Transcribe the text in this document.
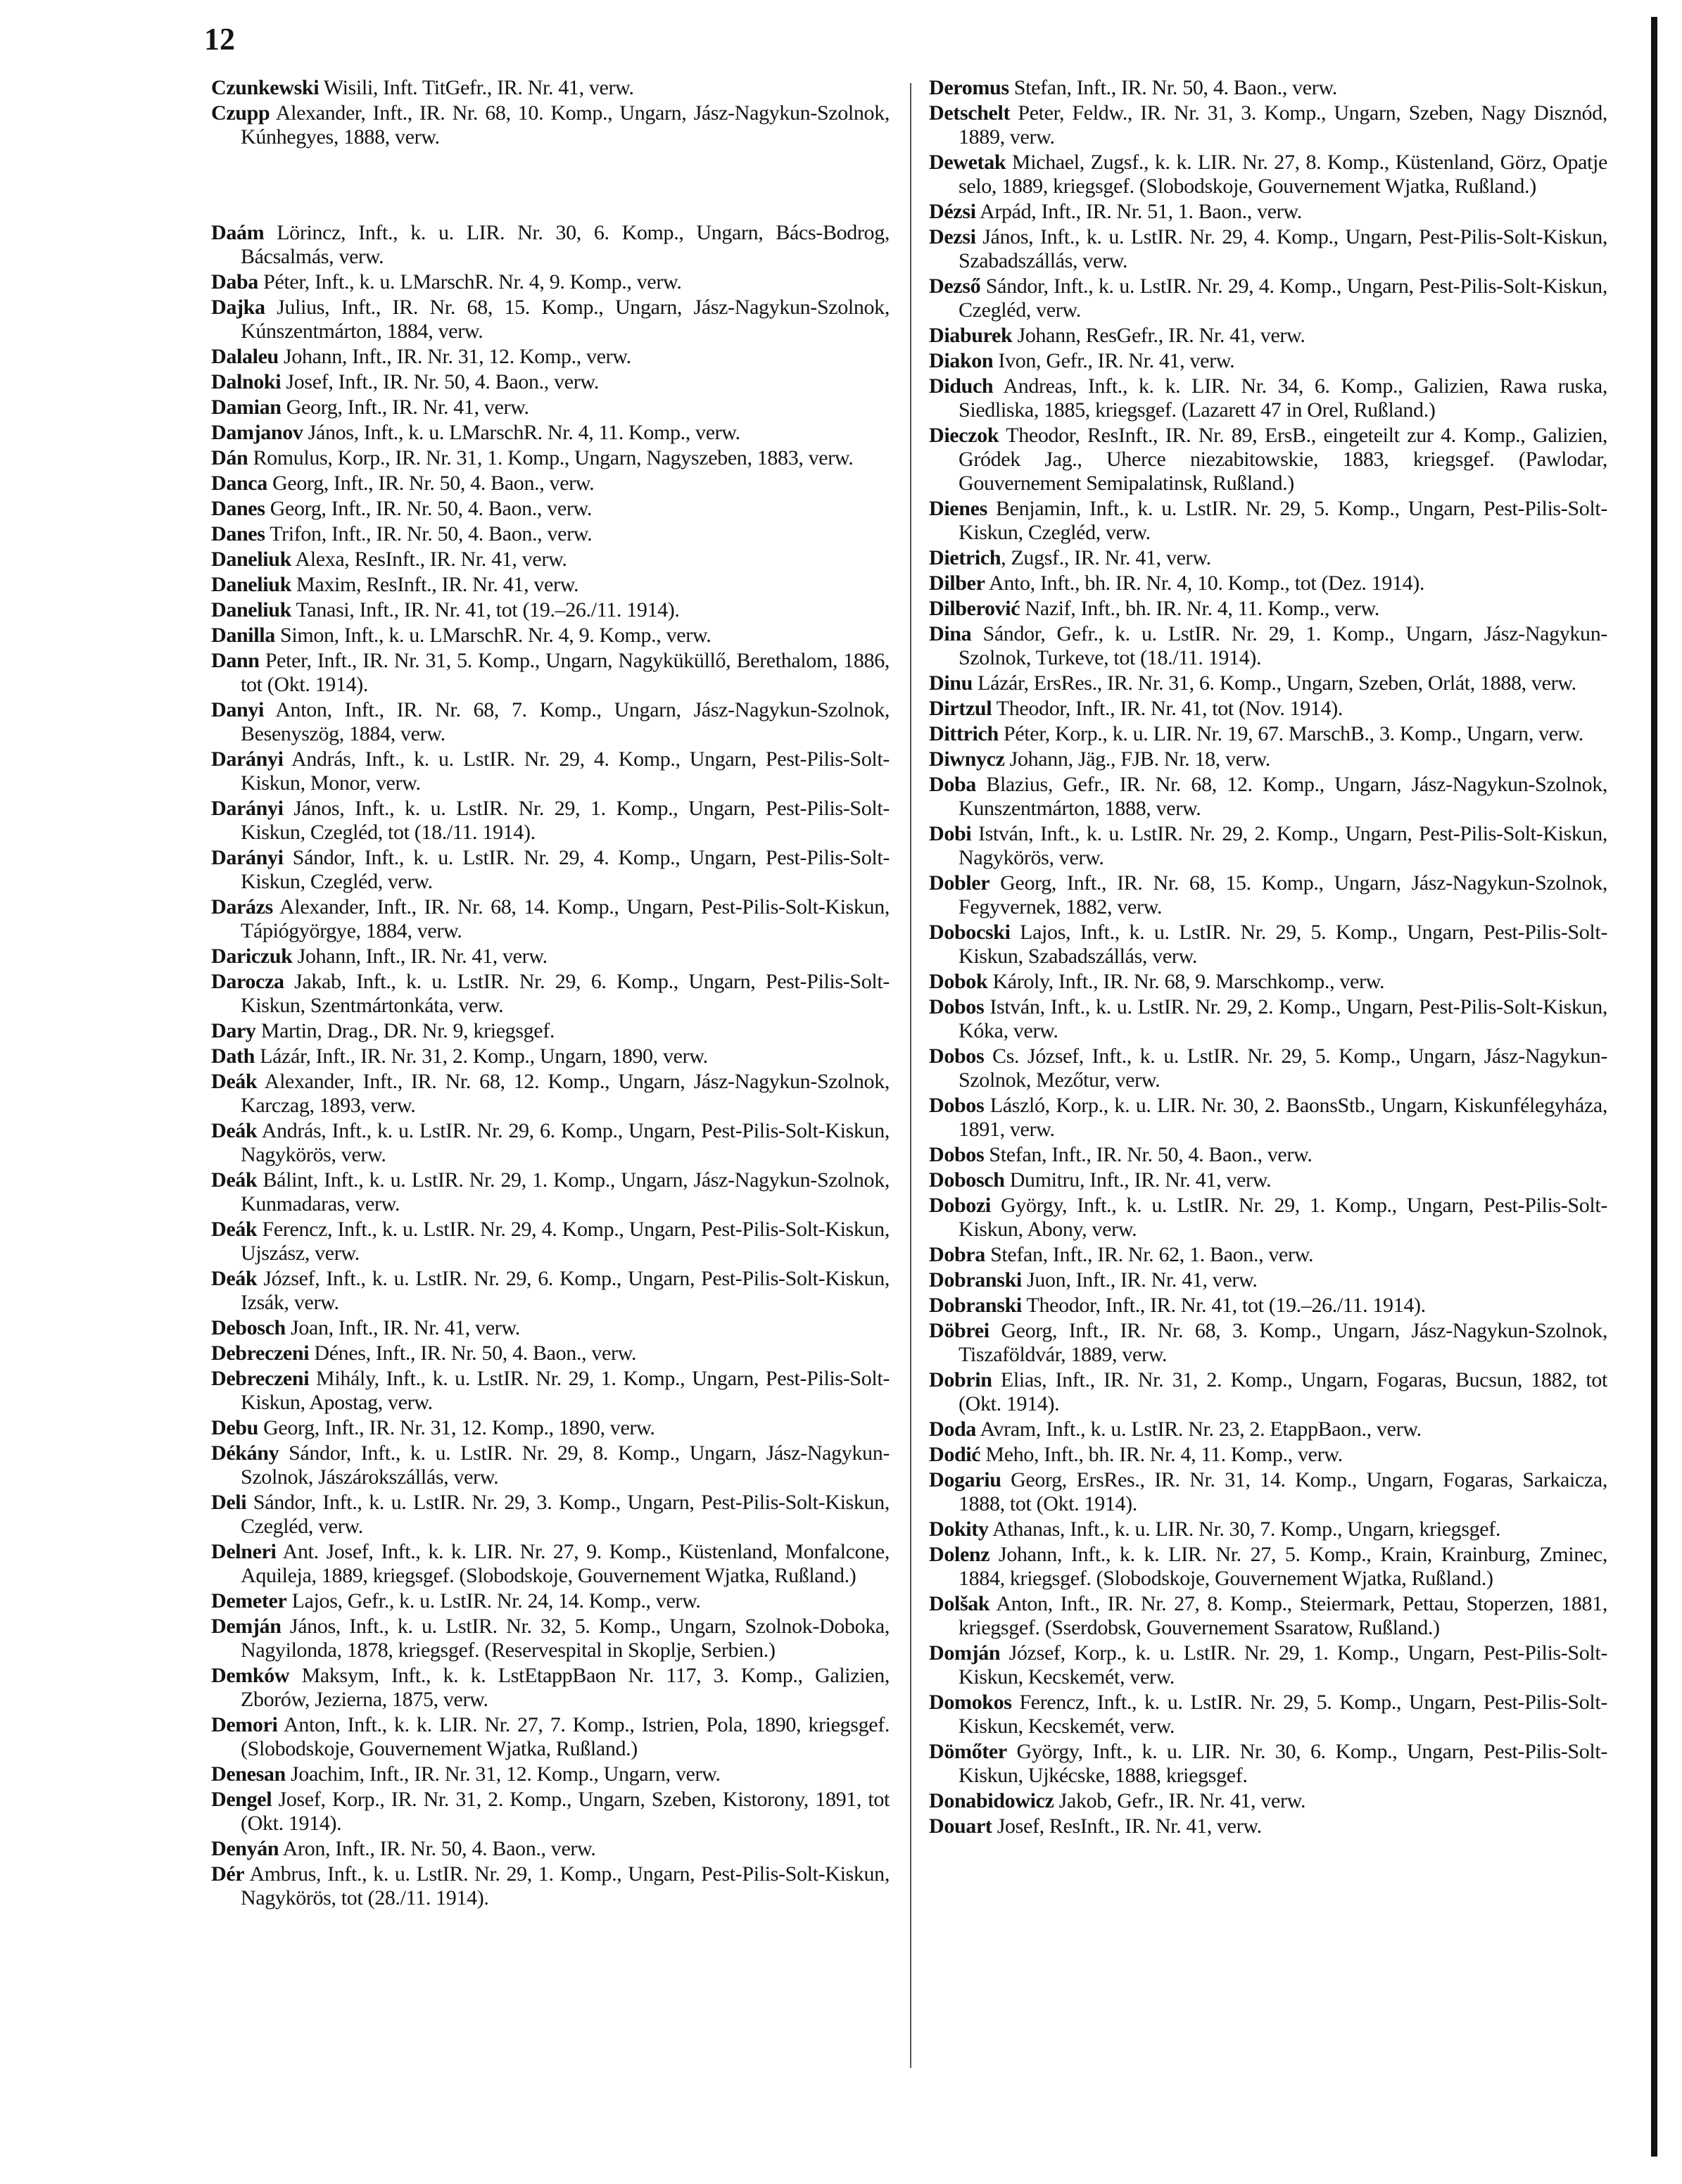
12

Czunkewski Wisili, Inft. TitGefr., IR. Nr. 41, verw.

Czupp Alexander, Inft., IR. Nr. 68, 10. Komp., Ungarn, Jász-Nagykun-Szolnok, Kúnhegyes, 1888, verw.

Daám Lörincz, Inft., k. u. LIR. Nr. 30, 6. Komp., Ungarn, Bács-Bodrog, Bácsalmás, verw.

Daba Péter, Inft., k. u. LMarschR. Nr. 4, 9. Komp., verw.

Dajka Julius, Inft., IR. Nr. 68, 15. Komp., Ungarn, Jász-Nagykun-Szolnok, Kúnszentmárton, 1884, verw.

Dalaleu Johann, Inft., IR. Nr. 31, 12. Komp., verw.

Dalnoki Josef, Inft., IR. Nr. 50, 4. Baon., verw.

Damian Georg, Inft., IR. Nr. 41, verw.

Damjanov János, Inft., k. u. LMarschR. Nr. 4, 11. Komp., verw.

Dán Romulus, Korp., IR. Nr. 31, 1. Komp., Ungarn, Nagyszeben, 1883, verw.

Danca Georg, Inft., IR. Nr. 50, 4. Baon., verw.

Danes Georg, Inft., IR. Nr. 50, 4. Baon., verw.

Danes Trifon, Inft., IR. Nr. 50, 4. Baon., verw.

Daneliuk Alexa, ResInft., IR. Nr. 41, verw.

Daneliuk Maxim, ResInft., IR. Nr. 41, verw.

Daneliuk Tanasi, Inft., IR. Nr. 41, tot (19.–26./11. 1914).

Danilla Simon, Inft., k. u. LMarschR. Nr. 4, 9. Komp., verw.

Dann Peter, Inft., IR. Nr. 31, 5. Komp., Ungarn, Nagyküküllő, Berethalom, 1886, tot (Okt. 1914).

Danyi Anton, Inft., IR. Nr. 68, 7. Komp., Ungarn, Jász-Nagykun-Szolnok, Besenyszög, 1884, verw.

Darányi András, Inft., k. u. LstIR. Nr. 29, 4. Komp., Ungarn, Pest-Pilis-Solt-Kiskun, Monor, verw.

Darányi János, Inft., k. u. LstIR. Nr. 29, 1. Komp., Ungarn, Pest-Pilis-Solt-Kiskun, Czegléd, tot (18./11. 1914).

Darányi Sándor, Inft., k. u. LstIR. Nr. 29, 4. Komp., Ungarn, Pest-Pilis-Solt-Kiskun, Czegléd, verw.

Darázs Alexander, Inft., IR. Nr. 68, 14. Komp., Ungarn, Pest-Pilis-Solt-Kiskun, Tápiógyörgye, 1884, verw.

Dariczuk Johann, Inft., IR. Nr. 41, verw.

Darocza Jakab, Inft., k. u. LstIR. Nr. 29, 6. Komp., Ungarn, Pest-Pilis-Solt-Kiskun, Szentmártonkáta, verw.

Dary Martin, Drag., DR. Nr. 9, kriegsgef.

Dath Lázár, Inft., IR. Nr. 31, 2. Komp., Ungarn, 1890, verw.

Deák Alexander, Inft., IR. Nr. 68, 12. Komp., Ungarn, Jász-Nagykun-Szolnok, Karczag, 1893, verw.

Deák András, Inft., k. u. LstIR. Nr. 29, 6. Komp., Ungarn, Pest-Pilis-Solt-Kiskun, Nagykörös, verw.

Deák Bálint, Inft., k. u. LstIR. Nr. 29, 1. Komp., Ungarn, Jász-Nagykun-Szolnok, Kunmadaras, verw.

Deák Ferencz, Inft., k. u. LstIR. Nr. 29, 4. Komp., Ungarn, Pest-Pilis-Solt-Kiskun, Ujszász, verw.

Deák József, Inft., k. u. LstIR. Nr. 29, 6. Komp., Ungarn, Pest-Pilis-Solt-Kiskun, Izsák, verw.

Debosch Joan, Inft., IR. Nr. 41, verw.

Debreczeni Dénes, Inft., IR. Nr. 50, 4. Baon., verw.

Debreczeni Mihály, Inft., k. u. LstIR. Nr. 29, 1. Komp., Ungarn, Pest-Pilis-Solt-Kiskun, Apostag, verw.

Debu Georg, Inft., IR. Nr. 31, 12. Komp., 1890, verw.

Dékány Sándor, Inft., k. u. LstIR. Nr. 29, 8. Komp., Ungarn, Jász-Nagykun-Szolnok, Jászárokszállás, verw.

Deli Sándor, Inft., k. u. LstIR. Nr. 29, 3. Komp., Ungarn, Pest-Pilis-Solt-Kiskun, Czegléd, verw.

Delneri Ant. Josef, Inft., k. k. LIR. Nr. 27, 9. Komp., Küstenland, Monfalcone, Aquileja, 1889, kriegsgef. (Slobodskoje, Gouvernement Wjatka, Rußland.)

Demeter Lajos, Gefr., k. u. LstIR. Nr. 24, 14. Komp., verw.

Demján János, Inft., k. u. LstIR. Nr. 32, 5. Komp., Ungarn, Szolnok-Doboka, Nagyilonda, 1878, kriegsgef. (Reservespital in Skoplje, Serbien.)

Demków Maksym, Inft., k. k. LstEtappBaon Nr. 117, 3. Komp., Galizien, Zborów, Jezierna, 1875, verw.

Demori Anton, Inft., k. k. LIR. Nr. 27, 7. Komp., Istrien, Pola, 1890, kriegsgef. (Slobodskoje, Gouvernement Wjatka, Rußland.)

Denesan Joachim, Inft., IR. Nr. 31, 12. Komp., Ungarn, verw.

Dengel Josef, Korp., IR. Nr. 31, 2. Komp., Ungarn, Szeben, Kistorony, 1891, tot (Okt. 1914).

Denyán Aron, Inft., IR. Nr. 50, 4. Baon., verw.

Dér Ambrus, Inft., k. u. LstIR. Nr. 29, 1. Komp., Ungarn, Pest-Pilis-Solt-Kiskun, Nagykörös, tot (28./11. 1914).

Deromus Stefan, Inft., IR. Nr. 50, 4. Baon., verw.

Detschelt Peter, Feldw., IR. Nr. 31, 3. Komp., Ungarn, Szeben, Nagy Disznód, 1889, verw.

Dewetak Michael, Zugsf., k. k. LIR. Nr. 27, 8. Komp., Küstenland, Görz, Opatje selo, 1889, kriegsgef. (Slobodskoje, Gouvernement Wjatka, Rußland.)

Dézsi Arpád, Inft., IR. Nr. 51, 1. Baon., verw.

Dezsi János, Inft., k. u. LstIR. Nr. 29, 4. Komp., Ungarn, Pest-Pilis-Solt-Kiskun, Szabadszállás, verw.

Dezső Sándor, Inft., k. u. LstIR. Nr. 29, 4. Komp., Ungarn, Pest-Pilis-Solt-Kiskun, Czegléd, verw.

Diaburek Johann, ResGefr., IR. Nr. 41, verw.

Diakon Ivon, Gefr., IR. Nr. 41, verw.

Diduch Andreas, Inft., k. k. LIR. Nr. 34, 6. Komp., Galizien, Rawa ruska, Siedliska, 1885, kriegsgef. (Lazarett 47 in Orel, Rußland.)

Dieczok Theodor, ResInft., IR. Nr. 89, ErsB., eingeteilt zur 4. Komp., Galizien, Gródek Jag., Uherce niezabitowskie, 1883, kriegsgef. (Pawlodar, Gouvernement Semipalatinsk, Rußland.)

Dienes Benjamin, Inft., k. u. LstIR. Nr. 29, 5. Komp., Ungarn, Pest-Pilis-Solt-Kiskun, Czegléd, verw.

Dietrich, Zugsf., IR. Nr. 41, verw.

Dilber Anto, Inft., bh. IR. Nr. 4, 10. Komp., tot (Dez. 1914).

Dilberović Nazif, Inft., bh. IR. Nr. 4, 11. Komp., verw.

Dina Sándor, Gefr., k. u. LstIR. Nr. 29, 1. Komp., Ungarn, Jász-Nagykun-Szolnok, Turkeve, tot (18./11. 1914).

Dinu Lázár, ErsRes., IR. Nr. 31, 6. Komp., Ungarn, Szeben, Orlát, 1888, verw.

Dirtzul Theodor, Inft., IR. Nr. 41, tot (Nov. 1914).

Dittrich Péter, Korp., k. u. LIR. Nr. 19, 67. MarschB., 3. Komp., Ungarn, verw.

Diwnycz Johann, Jäg., FJB. Nr. 18, verw.

Doba Blazius, Gefr., IR. Nr. 68, 12. Komp., Ungarn, Jász-Nagykun-Szolnok, Kunszentmárton, 1888, verw.

Dobi István, Inft., k. u. LstIR. Nr. 29, 2. Komp., Ungarn, Pest-Pilis-Solt-Kiskun, Nagykörös, verw.

Dobler Georg, Inft., IR. Nr. 68, 15. Komp., Ungarn, Jász-Nagykun-Szolnok, Fegyvernek, 1882, verw.

Dobocski Lajos, Inft., k. u. LstIR. Nr. 29, 5. Komp., Ungarn, Pest-Pilis-Solt-Kiskun, Szabadszállás, verw.

Dobok Károly, Inft., IR. Nr. 68, 9. Marschkomp., verw.

Dobos István, Inft., k. u. LstIR. Nr. 29, 2. Komp., Ungarn, Pest-Pilis-Solt-Kiskun, Kóka, verw.

Dobos Cs. József, Inft., k. u. LstIR. Nr. 29, 5. Komp., Ungarn, Jász-Nagykun-Szolnok, Mezőtur, verw.

Dobos László, Korp., k. u. LIR. Nr. 30, 2. BaonsStb., Ungarn, Kiskunfélegyháza, 1891, verw.

Dobos Stefan, Inft., IR. Nr. 50, 4. Baon., verw.

Dobosch Dumitru, Inft., IR. Nr. 41, verw.

Dobozi György, Inft., k. u. LstIR. Nr. 29, 1. Komp., Ungarn, Pest-Pilis-Solt-Kiskun, Abony, verw.

Dobra Stefan, Inft., IR. Nr. 62, 1. Baon., verw.

Dobranski Juon, Inft., IR. Nr. 41, verw.

Dobranski Theodor, Inft., IR. Nr. 41, tot (19.–26./11. 1914).

Döbrei Georg, Inft., IR. Nr. 68, 3. Komp., Ungarn, Jász-Nagykun-Szolnok, Tiszaföldvár, 1889, verw.

Dobrin Elias, Inft., IR. Nr. 31, 2. Komp., Ungarn, Fogaras, Bucsun, 1882, tot (Okt. 1914).

Doda Avram, Inft., k. u. LstIR. Nr. 23, 2. EtappBaon., verw.

Dodić Meho, Inft., bh. IR. Nr. 4, 11. Komp., verw.

Dogariu Georg, ErsRes., IR. Nr. 31, 14. Komp., Ungarn, Fogaras, Sarkaicza, 1888, tot (Okt. 1914).

Dokity Athanas, Inft., k. u. LIR. Nr. 30, 7. Komp., Ungarn, kriegsgef.

Dolenz Johann, Inft., k. k. LIR. Nr. 27, 5. Komp., Krain, Krainburg, Zminec, 1884, kriegsgef. (Slobodskoje, Gouvernement Wjatka, Rußland.)

Dolšak Anton, Inft., IR. Nr. 27, 8. Komp., Steiermark, Pettau, Stoperzen, 1881, kriegsgef. (Sserdobsk, Gouvernement Ssaratow, Rußland.)

Domján József, Korp., k. u. LstIR. Nr. 29, 1. Komp., Ungarn, Pest-Pilis-Solt-Kiskun, Kecskemét, verw.

Domokos Ferencz, Inft., k. u. LstIR. Nr. 29, 5. Komp., Ungarn, Pest-Pilis-Solt-Kiskun, Kecskemét, verw.

Dömőter György, Inft., k. u. LIR. Nr. 30, 6. Komp., Ungarn, Pest-Pilis-Solt-Kiskun, Ujkécske, 1888, kriegsgef.

Donabidowicz Jakob, Gefr., IR. Nr. 41, verw.

Douart Josef, ResInft., IR. Nr. 41, verw.
